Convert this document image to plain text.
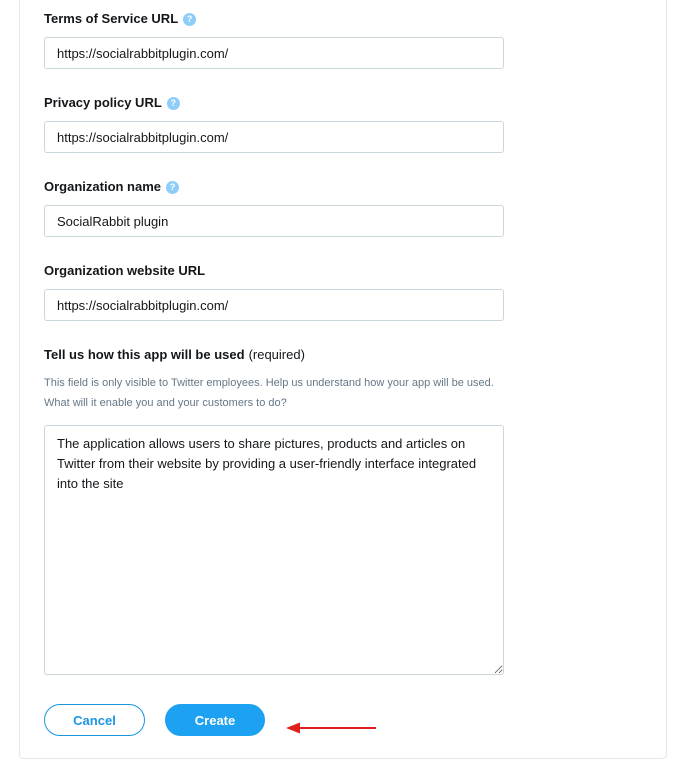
Terms of Service URL ?
https://socialrabbitplugin.com/
Privacy policy URL ?
https://socialrabbitplugin.com/
Organization name ?
SocialRabbit plugin
Organization website URL
https://socialrabbitplugin.com/
Tell us how this app will be used (required)
This field is only visible to Twitter employees. Help us understand how your app will be used. What will it enable you and your customers to do?
The application allows users to share pictures, products and articles on Twitter from their website by providing a user-friendly interface integrated into the site
Cancel	Create
